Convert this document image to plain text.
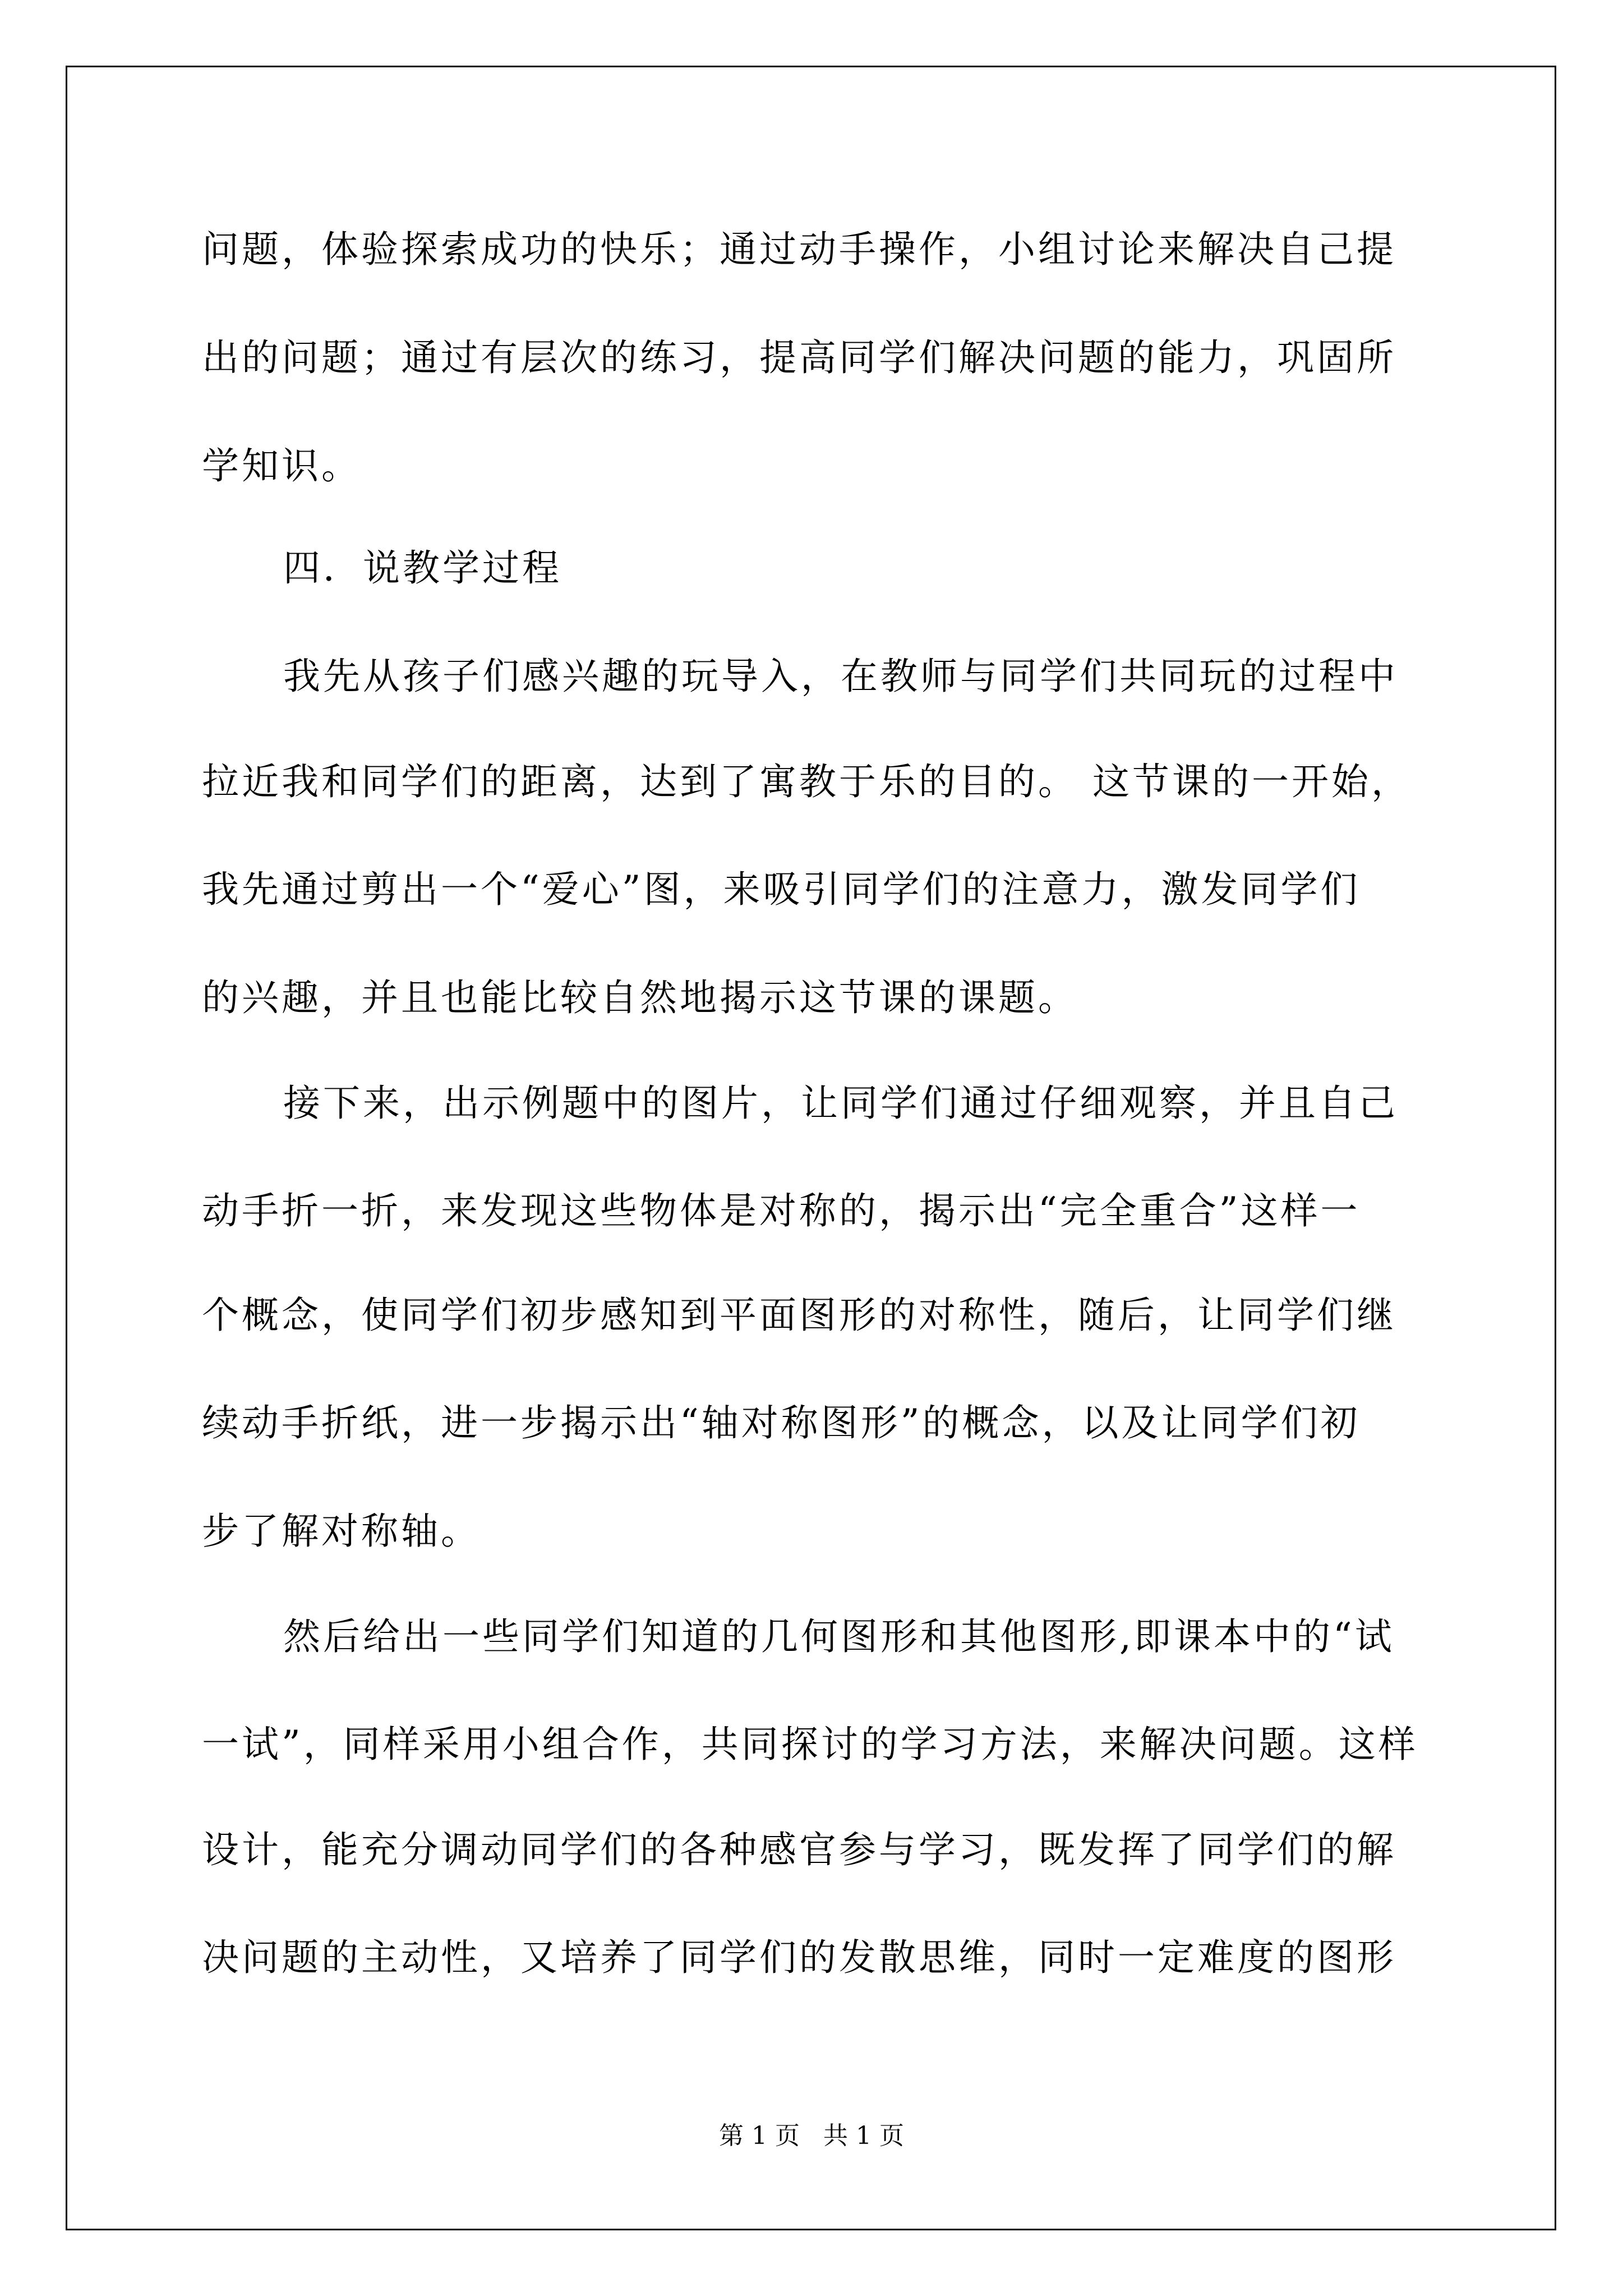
问题，体验探索成功的快乐；通过动手操作，小组讨论来解决自己提
出的问题；通过有层次的练习，提高同学们解决问题的能力，巩固所
学知识。
四．说教学过程
我先从孩子们感兴趣的玩导入，在教师与同学们共同玩的过程中
拉近我和同学们的距离，达到了寓教于乐的目的。 这节课的一开始，
我先通过剪出一个“爱心”图，来吸引同学们的注意力，激发同学们
的兴趣，并且也能比较自然地揭示这节课的课题。
接下来，出示例题中的图片，让同学们通过仔细观察，并且自己
动手折一折，来发现这些物体是对称的，揭示出“完全重合”这样一
个概念，使同学们初步感知到平面图形的对称性，随后，让同学们继
续动手折纸，进一步揭示出“轴对称图形”的概念，以及让同学们初
步了解对称轴。
然后给出一些同学们知道的几何图形和其他图形,即课本中的“试
一试”，同样采用小组合作，共同探讨的学习方法，来解决问题。这样
设计，能充分调动同学们的各种感官参与学习，既发挥了同学们的解
决问题的主动性，又培养了同学们的发散思维，同时一定难度的图形
第 1 页   共 1 页
